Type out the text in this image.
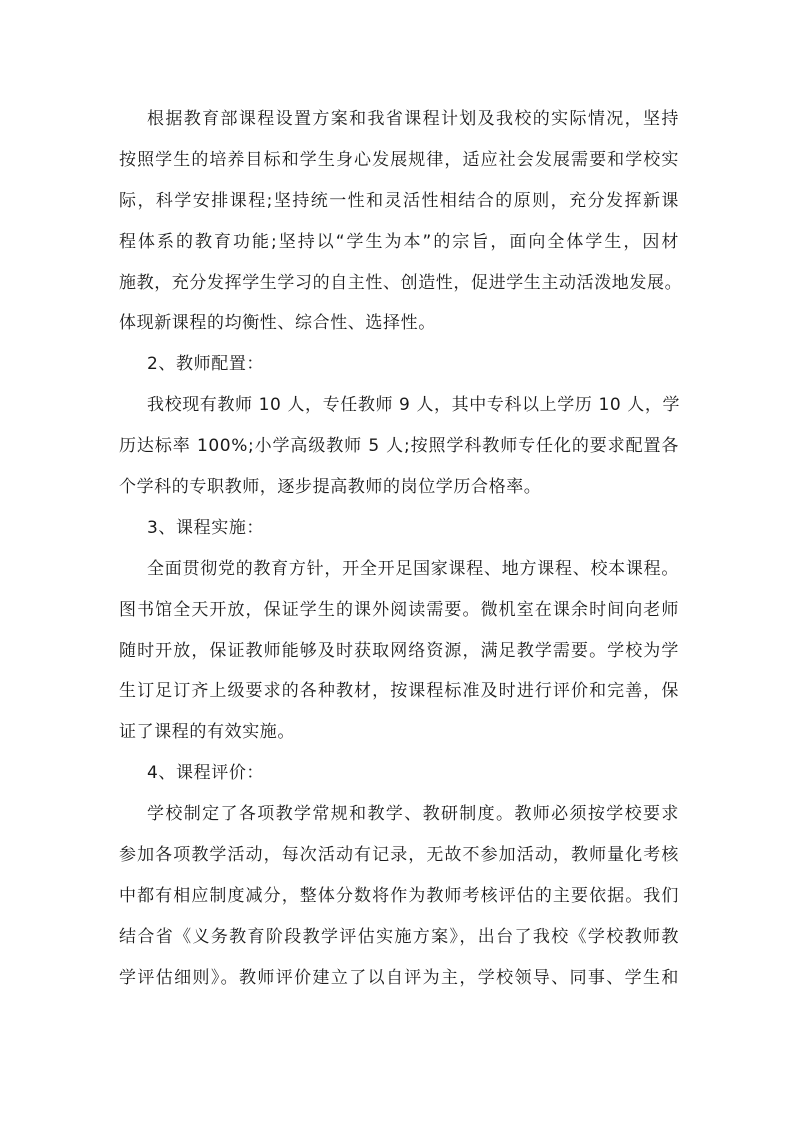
根据教育部课程设置方案和我省课程计划及我校的实际情况，坚持
按照学生的培养目标和学生身心发展规律，适应社会发展需要和学校实
际，科学安排课程;坚持统一性和灵活性相结合的原则，充分发挥新课
程体系的教育功能;坚持以“学生为本”的宗旨，面向全体学生，因材
施教，充分发挥学生学习的自主性、创造性，促进学生主动活泼地发展。
体现新课程的均衡性、综合性、选择性。
2、教师配置：
我校现有教师 10 人，专任教师 9 人，其中专科以上学历 10 人，学
历达标率 100%;小学高级教师 5 人;按照学科教师专任化的要求配置各
个学科的专职教师，逐步提高教师的岗位学历合格率。
3、课程实施：
全面贯彻党的教育方针，开全开足国家课程、地方课程、校本课程。
图书馆全天开放，保证学生的课外阅读需要。微机室在课余时间向老师
随时开放，保证教师能够及时获取网络资源，满足教学需要。学校为学
生订足订齐上级要求的各种教材，按课程标准及时进行评价和完善，保
证了课程的有效实施。
4、课程评价：
学校制定了各项教学常规和教学、教研制度。教师必须按学校要求
参加各项教学活动，每次活动有记录，无故不参加活动，教师量化考核
中都有相应制度减分，整体分数将作为教师考核评估的主要依据。我们
结合省《义务教育阶段教学评估实施方案》，出台了我校《学校教师教
学评估细则》。教师评价建立了以自评为主，学校领导、同事、学生和
